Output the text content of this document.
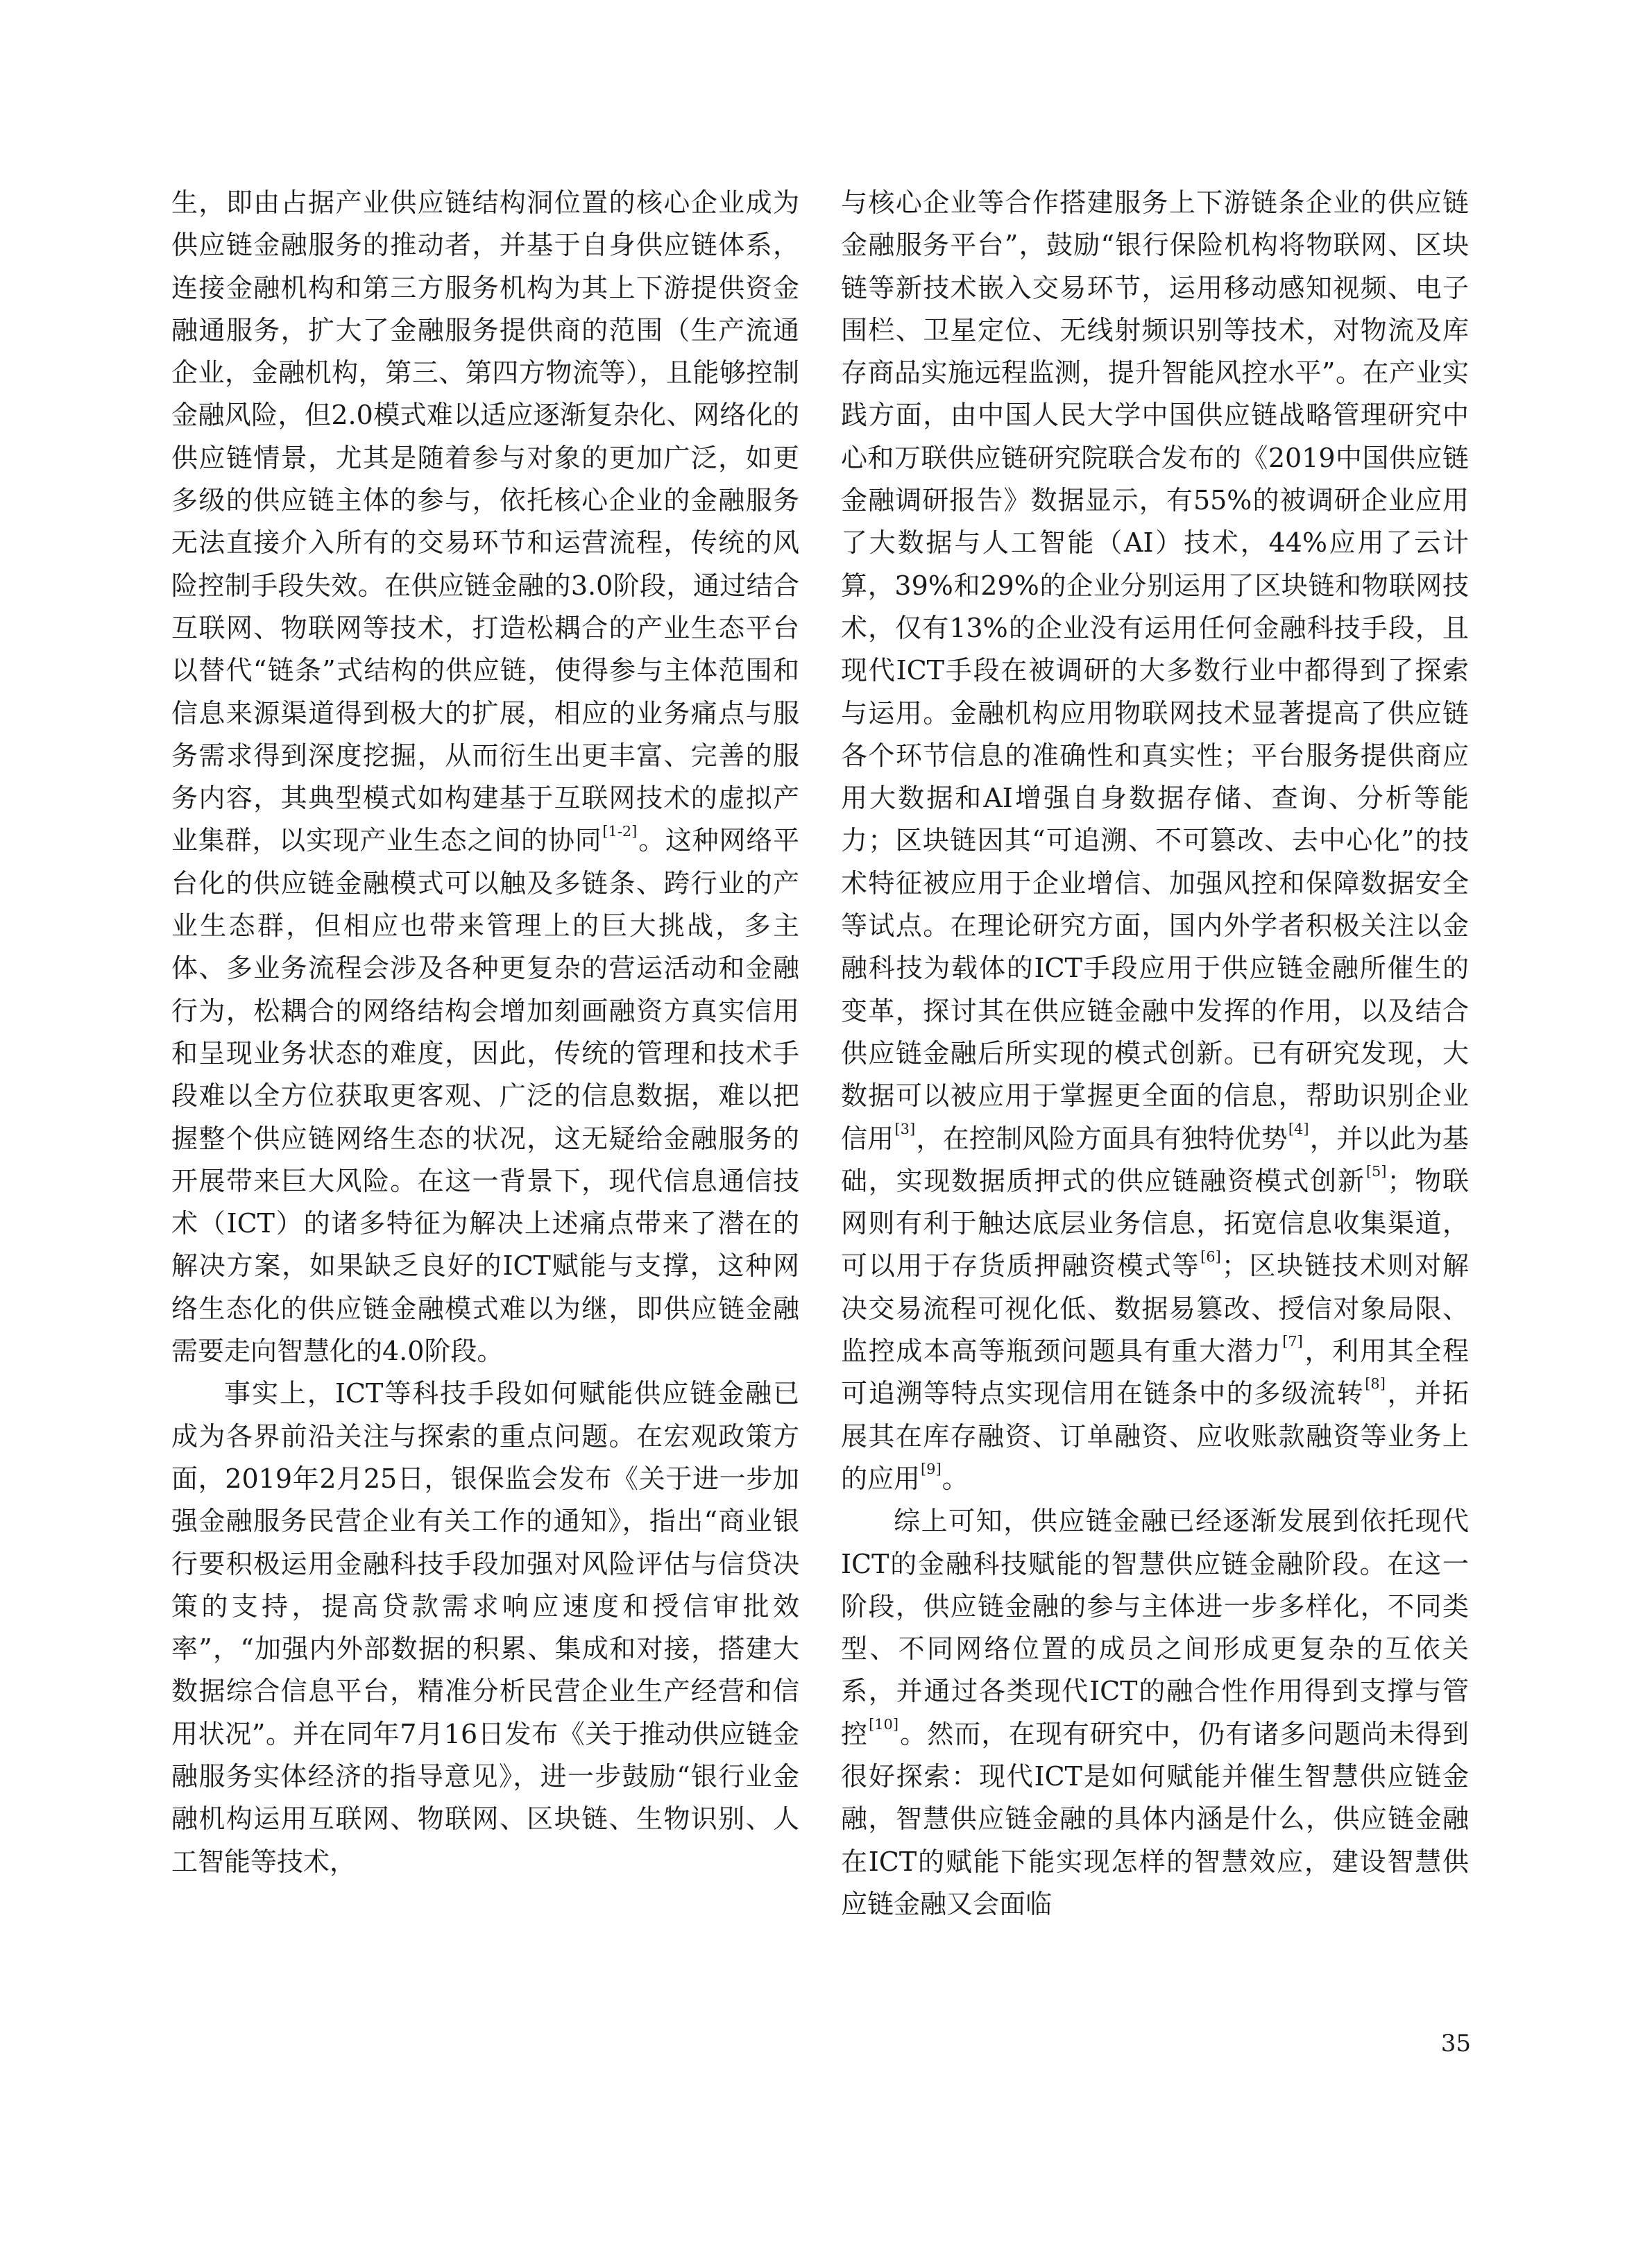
生，即由占据产业供应链结构洞位置的核心企业成为供应链金融服务的推动者，并基于自身供应链体系，连接金融机构和第三方服务机构为其上下游提供资金融通服务，扩大了金融服务提供商的范围（生产流通企业，金融机构，第三、第四方物流等），且能够控制金融风险，但2.0模式难以适应逐渐复杂化、网络化的供应链情景，尤其是随着参与对象的更加广泛，如更多级的供应链主体的参与，依托核心企业的金融服务无法直接介入所有的交易环节和运营流程，传统的风险控制手段失效。在供应链金融的3.0阶段，通过结合互联网、物联网等技术，打造松耦合的产业生态平台以替代“链条”式结构的供应链，使得参与主体范围和信息来源渠道得到极大的扩展，相应的业务痛点与服务需求得到深度挖掘，从而衍生出更丰富、完善的服务内容，其典型模式如构建基于互联网技术的虚拟产业集群，以实现产业生态之间的协同[1-2]。这种网络平台化的供应链金融模式可以触及多链条、跨行业的产业生态群，但相应也带来管理上的巨大挑战，多主体、多业务流程会涉及各种更复杂的营运活动和金融行为，松耦合的网络结构会增加刻画融资方真实信用和呈现业务状态的难度，因此，传统的管理和技术手段难以全方位获取更客观、广泛的信息数据，难以把握整个供应链网络生态的状况，这无疑给金融服务的开展带来巨大风险。在这一背景下，现代信息通信技术（ICT）的诸多特征为解决上述痛点带来了潜在的解决方案，如果缺乏良好的ICT赋能与支撑，这种网络生态化的供应链金融模式难以为继，即供应链金融需要走向智慧化的4.0阶段。

事实上，ICT等科技手段如何赋能供应链金融已成为各界前沿关注与探索的重点问题。在宏观政策方面，2019年2月25日，银保监会发布《关于进一步加强金融服务民营企业有关工作的通知》，指出“商业银行要积极运用金融科技手段加强对风险评估与信贷决策的支持，提高贷款需求响应速度和授信审批效率”，“加强内外部数据的积累、集成和对接，搭建大数据综合信息平台，精准分析民营企业生产经营和信用状况”。并在同年7月16日发布《关于推动供应链金融服务实体经济的指导意见》，进一步鼓励“银行业金融机构运用互联网、物联网、区块链、生物识别、人工智能等技术，

与核心企业等合作搭建服务上下游链条企业的供应链金融服务平台”，鼓励“银行保险机构将物联网、区块链等新技术嵌入交易环节，运用移动感知视频、电子围栏、卫星定位、无线射频识别等技术，对物流及库存商品实施远程监测，提升智能风控水平”。在产业实践方面，由中国人民大学中国供应链战略管理研究中心和万联供应链研究院联合发布的《2019中国供应链金融调研报告》数据显示，有55%的被调研企业应用了大数据与人工智能（AI）技术，44%应用了云计算，39%和29%的企业分别运用了区块链和物联网技术，仅有13%的企业没有运用任何金融科技手段，且现代ICT手段在被调研的大多数行业中都得到了探索与运用。金融机构应用物联网技术显著提高了供应链各个环节信息的准确性和真实性；平台服务提供商应用大数据和AI增强自身数据存储、查询、分析等能力；区块链因其“可追溯、不可篡改、去中心化”的技术特征被应用于企业增信、加强风控和保障数据安全等试点。在理论研究方面，国内外学者积极关注以金融科技为载体的ICT手段应用于供应链金融所催生的变革，探讨其在供应链金融中发挥的作用，以及结合供应链金融后所实现的模式创新。已有研究发现，大数据可以被应用于掌握更全面的信息，帮助识别企业信用[3]，在控制风险方面具有独特优势[4]，并以此为基础，实现数据质押式的供应链融资模式创新[5]；物联网则有利于触达底层业务信息，拓宽信息收集渠道，可以用于存货质押融资模式等[6]；区块链技术则对解决交易流程可视化低、数据易篡改、授信对象局限、监控成本高等瓶颈问题具有重大潜力[7]，利用其全程可追溯等特点实现信用在链条中的多级流转[8]，并拓展其在库存融资、订单融资、应收账款融资等业务上的应用[9]。

综上可知，供应链金融已经逐渐发展到依托现代ICT的金融科技赋能的智慧供应链金融阶段。在这一阶段，供应链金融的参与主体进一步多样化，不同类型、不同网络位置的成员之间形成更复杂的互依关系，并通过各类现代ICT的融合性作用得到支撑与管控[10]。然而，在现有研究中，仍有诸多问题尚未得到很好探索：现代ICT是如何赋能并催生智慧供应链金融，智慧供应链金融的具体内涵是什么，供应链金融在ICT的赋能下能实现怎样的智慧效应，建设智慧供应链金融又会面临

35
